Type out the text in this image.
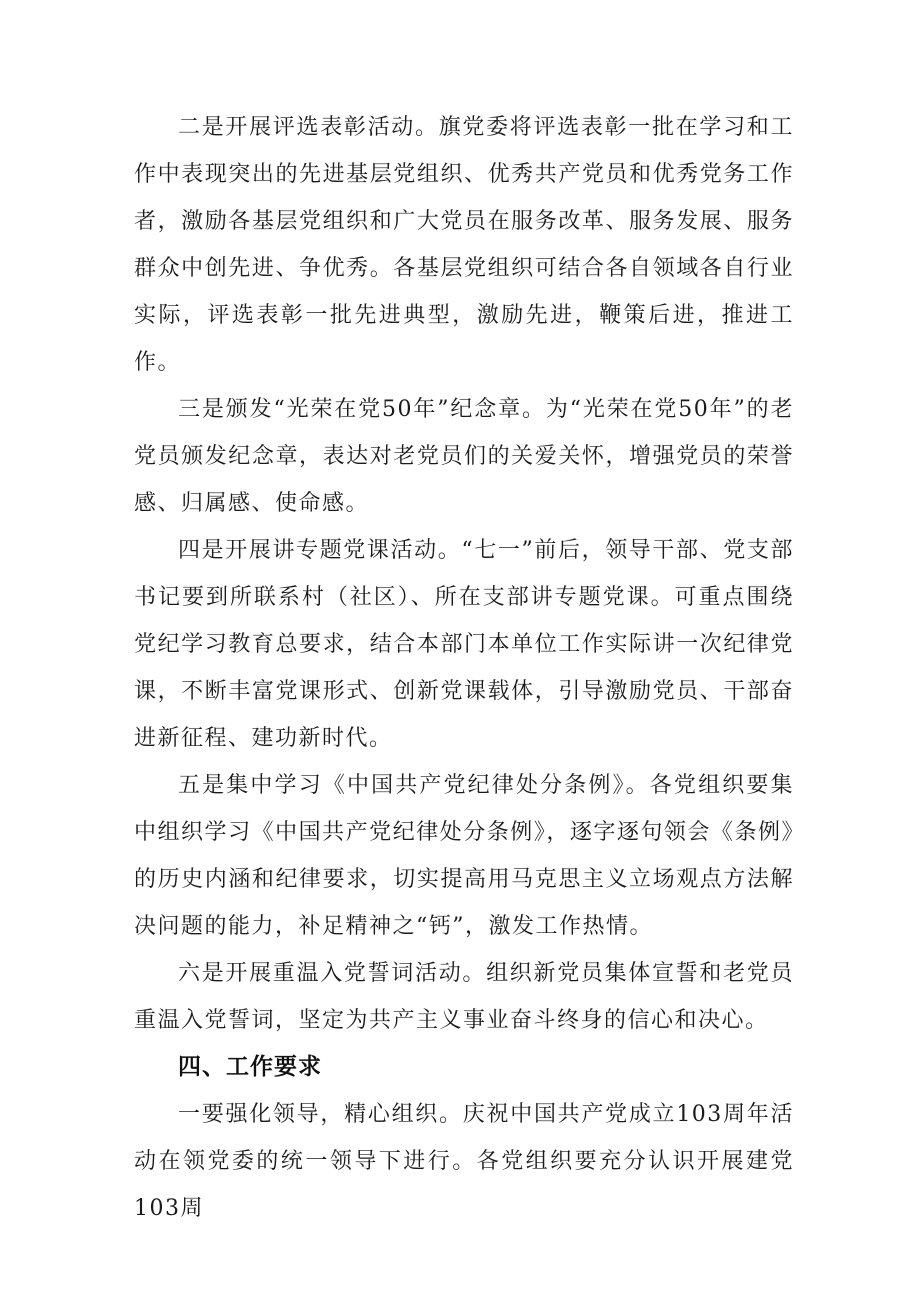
二是开展评选表彰活动。旗党委将评选表彰一批在学习和工作中表现突出的先进基层党组织、优秀共产党员和优秀党务工作者，激励各基层党组织和广大党员在服务改革、服务发展、服务群众中创先进、争优秀。各基层党组织可结合各自领域各自行业实际，评选表彰一批先进典型，激励先进，鞭策后进，推进工作。

三是颁发“光荣在党50年”纪念章。为“光荣在党50年”的老党员颁发纪念章，表达对老党员们的关爱关怀，增强党员的荣誉感、归属感、使命感。

四是开展讲专题党课活动。“七一”前后，领导干部、党支部书记要到所联系村（社区）、所在支部讲专题党课。可重点围绕党纪学习教育总要求，结合本部门本单位工作实际讲一次纪律党课，不断丰富党课形式、创新党课载体，引导激励党员、干部奋进新征程、建功新时代。

五是集中学习《中国共产党纪律处分条例》。各党组织要集中组织学习《中国共产党纪律处分条例》，逐字逐句领会《条例》的历史内涵和纪律要求，切实提高用马克思主义立场观点方法解决问题的能力，补足精神之“钙”，激发工作热情。

六是开展重温入党誓词活动。组织新党员集体宣誓和老党员重温入党誓词，坚定为共产主义事业奋斗终身的信心和决心。

四、工作要求

一要强化领导，精心组织。庆祝中国共产党成立103周年活动在领党委的统一领导下进行。各党组织要充分认识开展建党103周
